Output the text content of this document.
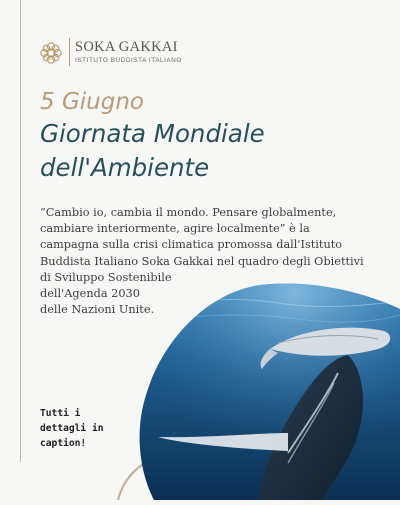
SOKA GAKKAI
ISTITUTO BUDDISTA ITALIANO
5 Giugno
Giornata Mondiale
dell'Ambiente
“Cambio io, cambia il mondo. Pensare globalmente,
cambiare interiormente, agire localmente” è la
campagna sulla crisi climatica promossa dall'Istituto
Buddista Italiano Soka Gakkai nel quadro degli Obiettivi
di Sviluppo Sostenibile
dell'Agenda 2030
delle Nazioni Unite.
Tutti i
dettagli in
caption!
